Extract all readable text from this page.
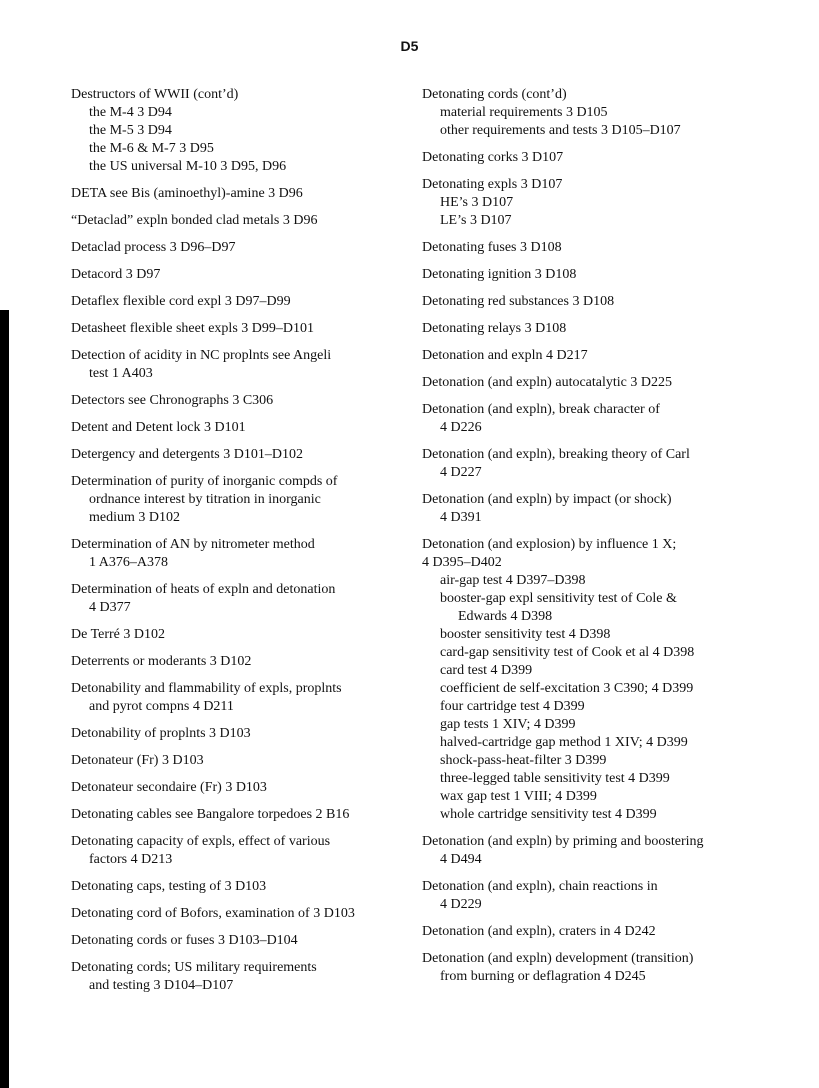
D5
Destructors of WWII (cont’d)
the M-4 3 D94
the M-5 3 D94
the M-6 & M-7 3 D95
the US universal M-10 3 D95, D96
DETA see Bis (aminoethyl)-amine 3 D96
“Detaclad” expln bonded clad metals 3 D96
Detaclad process 3 D96–D97
Detacord 3 D97
Detaflex flexible cord expl 3 D97–D99
Detasheet flexible sheet expls 3 D99–D101
Detection of acidity in NC proplnts see Angeli
test 1 A403
Detectors see Chronographs 3 C306
Detent and Detent lock 3 D101
Detergency and detergents 3 D101–D102
Determination of purity of inorganic compds of
ordnance interest by titration in inorganic
medium 3 D102
Determination of AN by nitrometer method
1 A376–A378
Determination of heats of expln and detonation
4 D377
De Terré 3 D102
Deterrents or moderants 3 D102
Detonability and flammability of expls, proplnts
and pyrot compns 4 D211
Detonability of proplnts 3 D103
Detonateur (Fr) 3 D103
Detonateur secondaire (Fr) 3 D103
Detonating cables see Bangalore torpedoes 2 B16
Detonating capacity of expls, effect of various
factors 4 D213
Detonating caps, testing of 3 D103
Detonating cord of Bofors, examination of 3 D103
Detonating cords or fuses 3 D103–D104
Detonating cords; US military requirements
and testing 3 D104–D107
Detonating cords (cont’d)
material requirements 3 D105
other requirements and tests 3 D105–D107
Detonating corks 3 D107
Detonating expls 3 D107
HE’s 3 D107
LE’s 3 D107
Detonating fuses 3 D108
Detonating ignition 3 D108
Detonating red substances 3 D108
Detonating relays 3 D108
Detonation and expln 4 D217
Detonation (and expln) autocatalytic 3 D225
Detonation (and expln), break character of
4 D226
Detonation (and expln), breaking theory of Carl
4 D227
Detonation (and expln) by impact (or shock)
4 D391
Detonation (and explosion) by influence 1 X;
4 D395–D402
air-gap test 4 D397–D398
booster-gap expl sensitivity test of Cole &
Edwards 4 D398
booster sensitivity test 4 D398
card-gap sensitivity test of Cook et al 4 D398
card test 4 D399
coefficient de self-excitation 3 C390; 4 D399
four cartridge test 4 D399
gap tests 1 XIV; 4 D399
halved-cartridge gap method 1 XIV; 4 D399
shock-pass-heat-filter 3 D399
three-legged table sensitivity test 4 D399
wax gap test 1 VIII; 4 D399
whole cartridge sensitivity test 4 D399
Detonation (and expln) by priming and boostering
4 D494
Detonation (and expln), chain reactions in
4 D229
Detonation (and expln), craters in 4 D242
Detonation (and expln) development (transition)
from burning or deflagration 4 D245
